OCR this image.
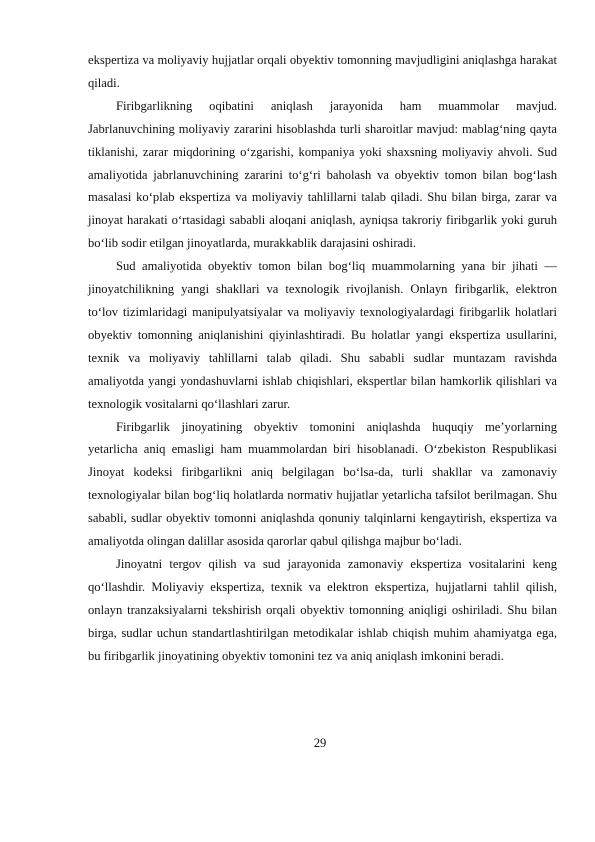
ekspertiza va moliyaviy hujjatlar orqali obyektiv tomonning mavjudligini aniqlashga harakat qiladi.

Firibgarlikning oqibatini aniqlash jarayonida ham muammolar mavjud. Jabrlanuvchining moliyaviy zararini hisoblashda turli sharoitlar mavjud: mablag‘ning qayta tiklanishi, zarar miqdorining o‘zgarishi, kompaniya yoki shaxsning moliyaviy ahvoli. Sud amaliyotida jabrlanuvchining zararini to‘g‘ri baholash va obyektiv tomon bilan bog‘lash masalasi ko‘plab ekspertiza va moliyaviy tahlillarni talab qiladi. Shu bilan birga, zarar va jinoyat harakati o‘rtasidagi sababli aloqani aniqlash, ayniqsa takroriy firibgarlik yoki guruh bo‘lib sodir etilgan jinoyatlarda, murakkablik darajasini oshiradi.

Sud amaliyotida obyektiv tomon bilan bog‘liq muammolarning yana bir jihati — jinoyatchilikning yangi shakllari va texnologik rivojlanish. Onlayn firibgarlik, elektron to‘lov tizimlaridagi manipulyatsiyalar va moliyaviy texnologiyalardagi firibgarlik holatlari obyektiv tomonning aniqlanishini qiyinlashtiradi. Bu holatlar yangi ekspertiza usullarini, texnik va moliyaviy tahlillarni talab qiladi. Shu sababli sudlar muntazam ravishda amaliyotda yangi yondashuvlarni ishlab chiqishlari, ekspertlar bilan hamkorlik qilishlari va texnologik vositalarni qo‘llashlari zarur.

Firibgarlik jinoyatining obyektiv tomonini aniqlashda huquqiy me’yorlarning yetarlicha aniq emasligi ham muammolardan biri hisoblanadi. O‘zbekiston Respublikasi Jinoyat kodeksi firibgarlikni aniq belgilagan bo‘lsa-da, turli shakllar va zamonaviy texnologiyalar bilan bog‘liq holatlarda normativ hujjatlar yetarlicha tafsilot berilmagan. Shu sababli, sudlar obyektiv tomonni aniqlashda qonuniy talqinlarni kengaytirish, ekspertiza va amaliyotda olingan dalillar asosida qarorlar qabul qilishga majbur bo‘ladi.

Jinoyatni tergov qilish va sud jarayonida zamonaviy ekspertiza vositalarini keng qo‘llashdir. Moliyaviy ekspertiza, texnik va elektron ekspertiza, hujjatlarni tahlil qilish, onlayn tranzaksiyalarni tekshirish orqali obyektiv tomonning aniqligi oshiriladi. Shu bilan birga, sudlar uchun standartlashtirilgan metodikalar ishlab chiqish muhim ahamiyatga ega, bu firibgarlik jinoyatining obyektiv tomonini tez va aniq aniqlash imkonini beradi.

29
